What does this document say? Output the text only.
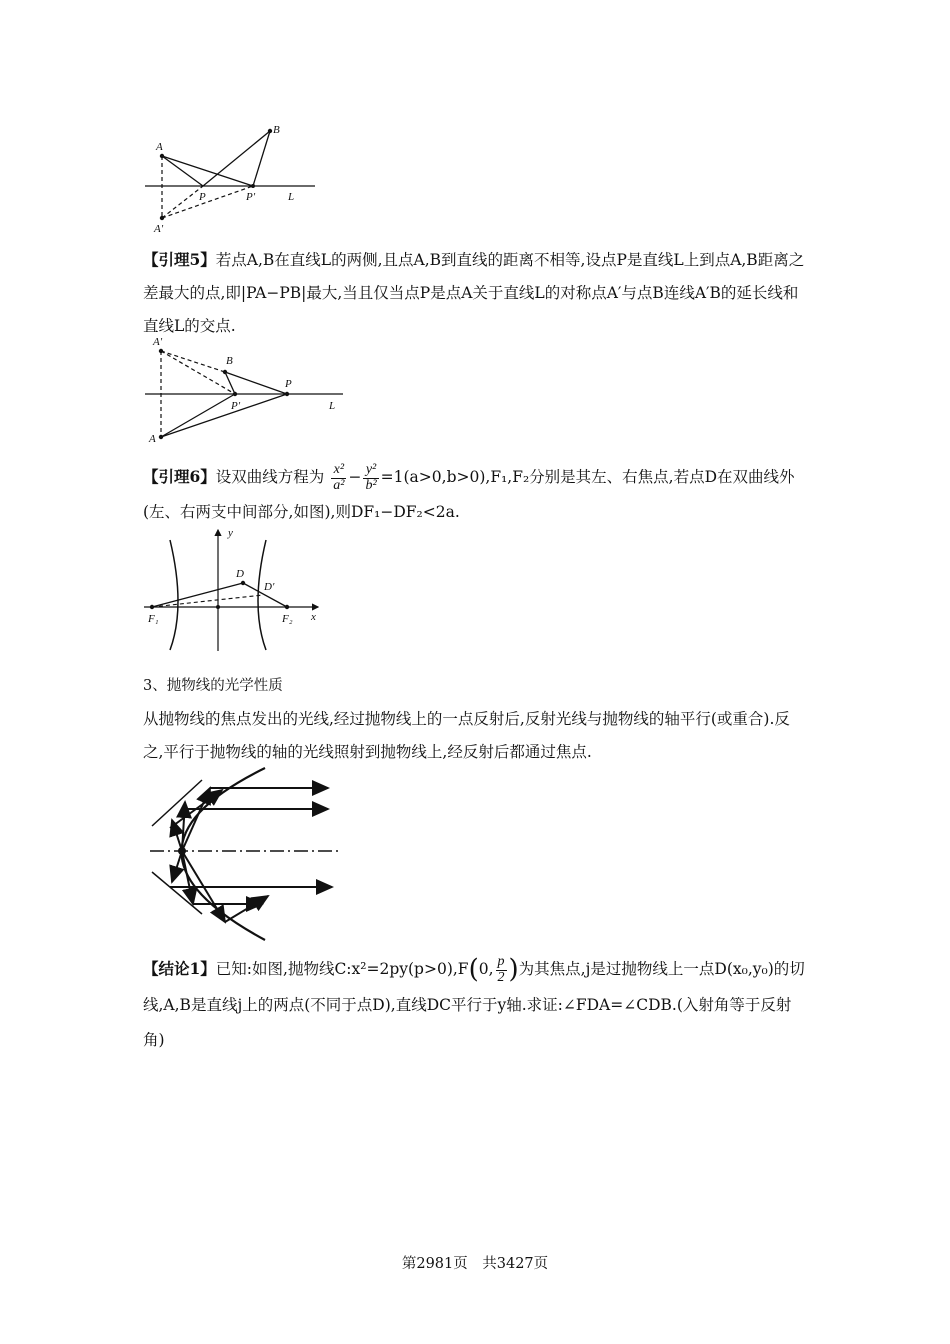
A
B
P	P′	L
A′

【引理5】若点A,B在直线L的两侧,且点A,B到直线的距离不相等,设点P是直线L上到点A,B距离之差最大的点,即|PA−PB|最大,当且仅当点P是点A关于直线L的对称点A′与点B连线A′B的延长线和直线L的交点.

A′
B
P
P′	L
A

【引理6】设双曲线方程为 $\frac{\text{x²}}{\text{a²}} - \frac{\text{y²}}{\text{b²}} =1(a>0,b>0),F_1,F_2$分别是其左、右焦点,若点D在双曲线外(左、右两支中间部分,如图),则DF₁−DF₂<2a.

y
D
D′
F₁	F₂ x

3、抛物线的光学性质

从抛物线的焦点发出的光线,经过抛物线上的一点反射后,反射光线与抛物线的轴平行(或重合).反之,平行于抛物线的轴的光线照射到抛物线上,经反射后都通过焦点.

【结论1】已知:如图,抛物线C:x²=2py(p>0),F(0, $\frac{p}{2}$ )为其焦点,j是过抛物线上一点D(x₀,y₀)的切线,A,B是直线j上的两点(不同于点D),直线DC平行于y轴.求证:∠FDA=∠CDB.(入射角等于反射角)

第2981页　共3427页
